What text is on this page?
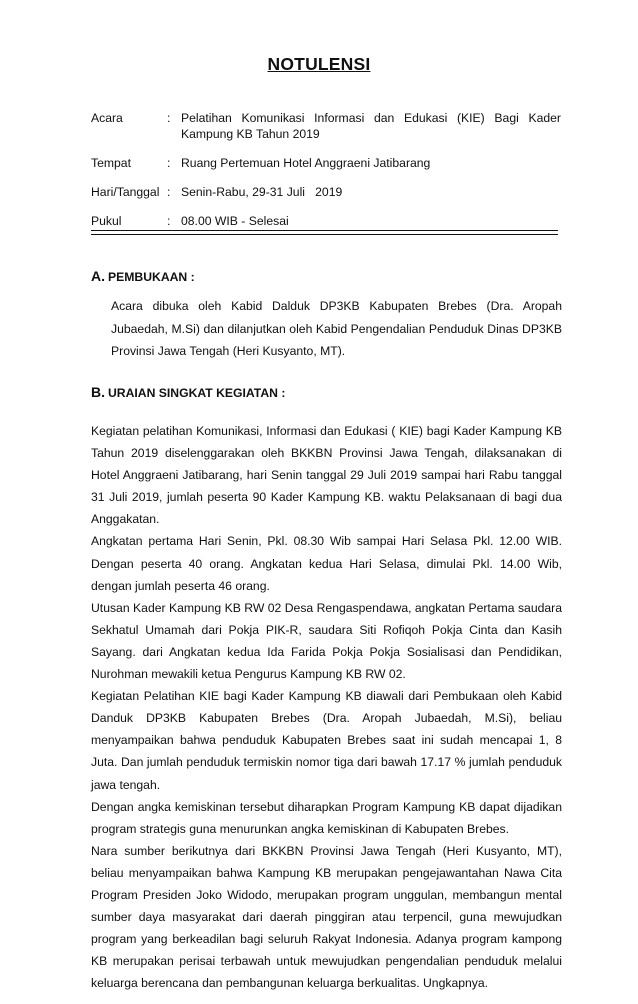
NOTULENSI
Acara	: Pelatihan Komunikasi Informasi dan Edukasi (KIE) Bagi Kader Kampung KB Tahun 2019
Tempat	: Ruang Pertemuan Hotel Anggraeni Jatibarang
Hari/Tanggal : Senin-Rabu, 29-31 Juli   2019
Pukul	: 08.00 WIB - Selesai
A. PEMBUKAAN :

Acara dibuka oleh Kabid Dalduk DP3KB Kabupaten Brebes (Dra. Aropah Jubaedah, M.Si) dan dilanjutkan oleh Kabid Pengendalian Penduduk Dinas DP3KB Provinsi Jawa Tengah (Heri Kusyanto, MT).

B. URAIAN SINGKAT KEGIATAN :

Kegiatan pelatihan Komunikasi, Informasi dan Edukasi ( KIE) bagi Kader Kampung KB Tahun 2019 diselenggarakan oleh BKKBN Provinsi Jawa Tengah, dilaksanakan di Hotel Anggraeni Jatibarang, hari Senin tanggal 29 Juli 2019 sampai hari Rabu tanggal 31 Juli 2019, jumlah peserta 90 Kader Kampung KB. waktu Pelaksanaan di bagi dua Anggakatan.

Angkatan pertama Hari Senin, Pkl. 08.30 Wib sampai Hari Selasa Pkl. 12.00 WIB. Dengan peserta 40 orang. Angkatan kedua Hari Selasa, dimulai Pkl. 14.00 Wib, dengan jumlah peserta 46 orang.

Utusan Kader Kampung KB RW 02 Desa Rengaspendawa, angkatan Pertama saudara Sekhatul Umamah dari Pokja PIK-R, saudara Siti Rofiqoh Pokja Cinta dan Kasih Sayang. dari Angkatan kedua Ida Farida Pokja Pokja Sosialisasi dan Pendidikan, Nurohman mewakili ketua Pengurus Kampung KB RW 02.

Kegiatan Pelatihan KIE bagi Kader Kampung KB diawali dari Pembukaan oleh Kabid Danduk DP3KB Kabupaten Brebes (Dra. Aropah Jubaedah, M.Si), beliau menyampaikan bahwa penduduk Kabupaten Brebes saat ini sudah mencapai 1, 8 Juta. Dan jumlah penduduk termiskin nomor tiga dari bawah 17.17 % jumlah penduduk jawa tengah.

Dengan angka kemiskinan tersebut diharapkan Program Kampung KB dapat dijadikan program strategis guna menurunkan angka kemiskinan di Kabupaten Brebes.

Nara sumber berikutnya dari BKKBN Provinsi Jawa Tengah (Heri Kusyanto, MT), beliau menyampaikan bahwa Kampung KB merupakan pengejawantahan Nawa Cita Program Presiden Joko Widodo, merupakan program unggulan, membangun mental sumber daya masyarakat dari daerah pinggiran atau terpencil, guna mewujudkan program yang berkeadilan bagi seluruh Rakyat Indonesia. Adanya program kampong KB merupakan perisai terbawah untuk mewujudkan pengendalian penduduk melalui keluarga berencana dan pembangunan keluarga berkualitas. Ungkapnya.
